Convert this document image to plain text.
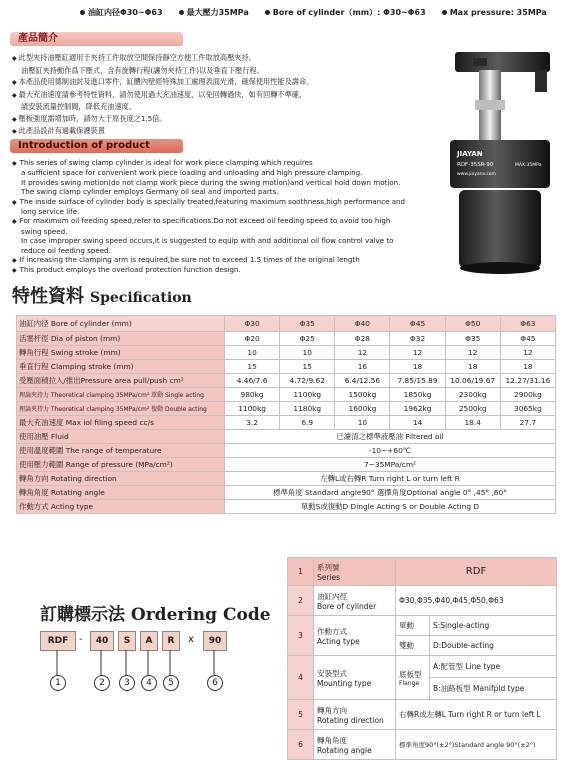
油缸内径Φ30~Φ63	最大壓力35MPa	Bore of cylinder（mm）: Φ30~Φ63	Max pressure: 35MPa
產品簡介
◆ 此型夾持油壓缸適用于夾持工件取放空間保持靜空方便工件取放高壓夾持。
油壓缸夾持動作爲下壓式，含有旋轉行程(讓勿夾持工件)以及垂直下壓行程。
◆ 本產品使用德制油封及進口零件，缸體內壁經特殊加工處理表面光滑，確保使用性能及壽命。
◆ 最大充油速度請參考特性資料，請勿使用過大充油速度，以免回轉過快，如有回轉不準確，
請安裝流量控制閥，降低充油速度。
◆ 壓板強度需增加時，請勿大于原長度之1.5倍。
◆ 此產品設計有過載保護裝置
Introduction of product
◆ This series of swing clamp cylinder is ideal for work piece clamping which requires
a sufficient space for convenient work piece loading and unloading and high pressure clamping.
It provides swing motion(do not clamp work piece during the swing motion)and vertical hold down motion.
The swing clamp cylinder employs Germany oil seal and imported parts.
◆ The inside surface of cylinder body is specially treated,featuring maximum soothness,high performance and
long service life.
◆ For maximum oil feeding speed,refer to specifications.Do not exceed oil feeding speed to avoid too high
swing speed.
In case improper swing speed occurs,it is suggested to equip with and additional oil flow control valve to
reduce oil feeding speed.
◆ If increasing the clamping arm is required,be sure not to exceed 1.5 times of the original length
◆ This product employs the overload protection function design.
JIAYAN
RDF-35SR-90	MAX.35MPa
www.jiayanv.com
特性資料 Specification
油缸内径 Bore of cylinder (mm)	Φ30	Φ35	Φ40	Φ45	Φ50	Φ63
活塞杆徑 Dia of piston (mm)	Φ20	Φ25	Φ28	Φ32	Φ35	Φ45
轉角行程 Swing stroke (mm)	10	10	12	12	12	12
垂直行程 Clamping stroke (mm)	15	15	16	18	18	18
受壓面積拉入/推出Pressure area pull/push cm²	4.46/7.6	4.72/9.62	6.4/12.56	7.85/15.89	10.06/19.67	12.27/31.16
理論夾持力 Theoretical clamping 35MPa/cm² 單動 Single acting	980kg	1100kg	1500kg	1850kg	2300kg	2900kg
理論夾持力 Theoretical clamping 35MPa/cm² 復動 Double acting	1100kg	1180kg	1600kg	1962kg	2500kg	3065kg
最大充油速度 Max iol filing speed cc/s	3.2	6.9	10	14	18.4	27.7
使用油壓 Fluid	已濾清之標準液壓油 Filtered oil					
使用溫度範圍 The range of temperature	-10~+60℃					
使用壓力範圍 Range of pressure (MPa/cm²)	7~35MPa/cm²					
轉角方向 Rotating direction	左轉L或右轉R Turn right L or turn left R					
轉角角度 Rotating angle	標準角度 Standard angle90° 選擇角度Optional angle 0° ,45° ,60°					
作動方式 Acting type	單動S或復動D Dingle Acting S or Double Acting D					
訂購標示法 Ordering Code
RDF	-	40	S	A	R	x	90
1	2	3	4	5	6
1	系列號
Series	RDF	
2	油缸内徑
Bore of cylinder	Φ30,Φ35,Φ40,Φ45,Φ50,Φ63	
3	作動方式
Acting type	單動	S:Single-acting
		雙動	D:Double-acting
4	安裝型式
Mounting type	底板型
Flange	A:配管型 Line type
			B:油路板型 Manifpld type
5	轉角方向
Rotating direction	右轉R或左轉L Turn right R or turn left L	
6	轉角角度
Rotating angle	標準角度90°(±2°)Standard angle 90°(±2°)	
